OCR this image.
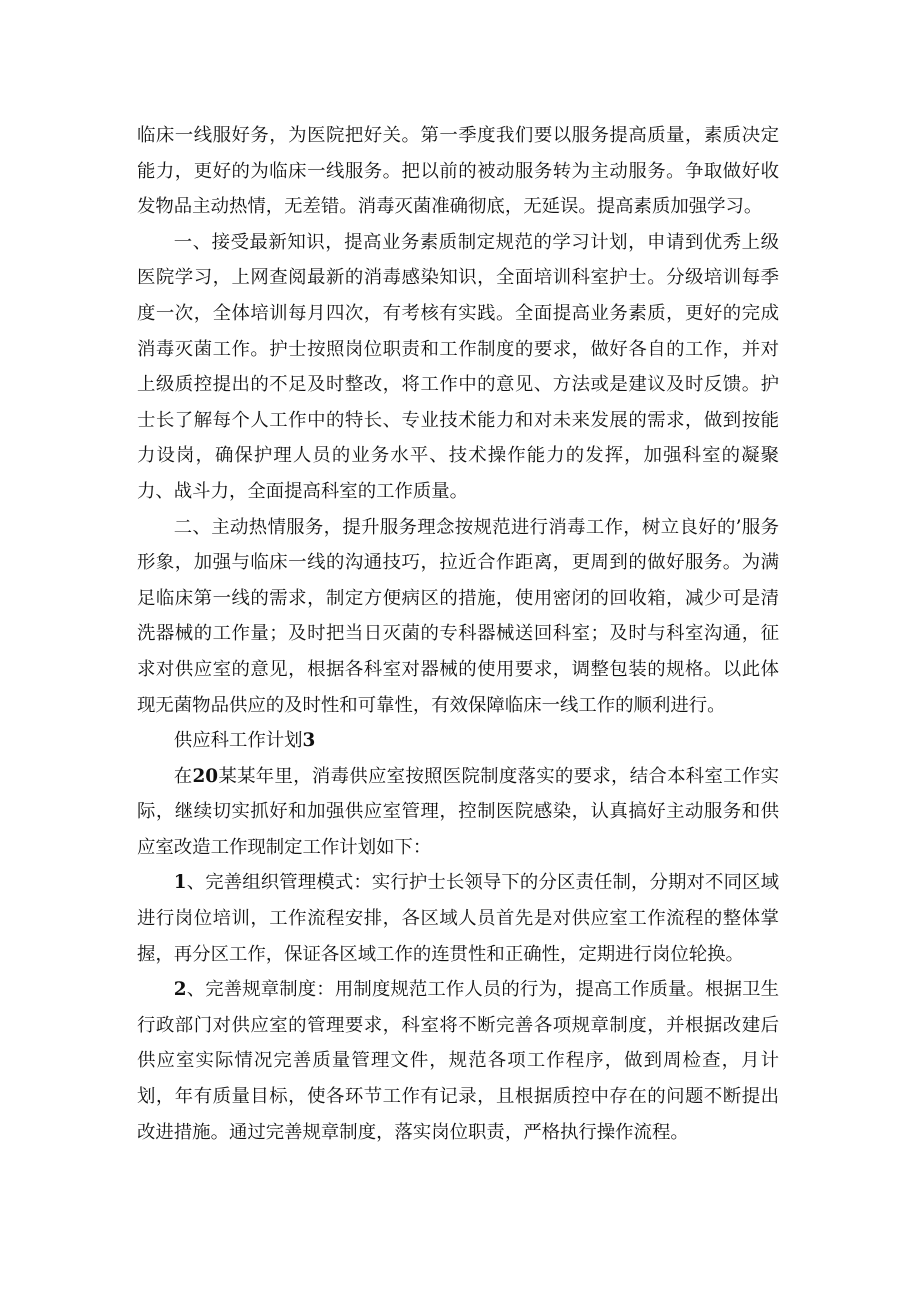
临床一线服好务，为医院把好关。第一季度我们要以服务提高质量，素质决定能力，更好的为临床一线服务。把以前的被动服务转为主动服务。争取做好收发物品主动热情，无差错。消毒灭菌准确彻底，无延误。提高素质加强学习。

一、接受最新知识，提高业务素质制定规范的学习计划，申请到优秀上级医院学习，上网查阅最新的消毒感染知识，全面培训科室护士。分级培训每季度一次，全体培训每月四次，有考核有实践。全面提高业务素质，更好的完成消毒灭菌工作。护士按照岗位职责和工作制度的要求，做好各自的工作，并对上级质控提出的不足及时整改，将工作中的意见、方法或是建议及时反馈。护士长了解每个人工作中的特长、专业技术能力和对未来发展的需求，做到按能力设岗，确保护理人员的业务水平、技术操作能力的发挥，加强科室的凝聚力、战斗力，全面提高科室的工作质量。

二、主动热情服务，提升服务理念按规范进行消毒工作，树立良好的’服务形象，加强与临床一线的沟通技巧，拉近合作距离，更周到的做好服务。为满足临床第一线的需求，制定方便病区的措施，使用密闭的回收箱，减少可是清洗器械的工作量；及时把当日灭菌的专科器械送回科室；及时与科室沟通，征求对供应室的意见，根据各科室对器械的使用要求，调整包装的规格。以此体现无菌物品供应的及时性和可靠性，有效保障临床一线工作的顺利进行。

供应科工作计划3

在20某某年里，消毒供应室按照医院制度落实的要求，结合本科室工作实际，继续切实抓好和加强供应室管理，控制医院感染，认真搞好主动服务和供应室改造工作现制定工作计划如下：

1、完善组织管理模式：实行护士长领导下的分区责任制，分期对不同区域进行岗位培训，工作流程安排，各区域人员首先是对供应室工作流程的整体掌握，再分区工作，保证各区域工作的连贯性和正确性，定期进行岗位轮换。

2、完善规章制度：用制度规范工作人员的行为，提高工作质量。根据卫生行政部门对供应室的管理要求，科室将不断完善各项规章制度，并根据改建后供应室实际情况完善质量管理文件，规范各项工作程序，做到周检查，月计划，年有质量目标，使各环节工作有记录，且根据质控中存在的问题不断提出改进措施。通过完善规章制度，落实岗位职责，严格执行操作流程。
